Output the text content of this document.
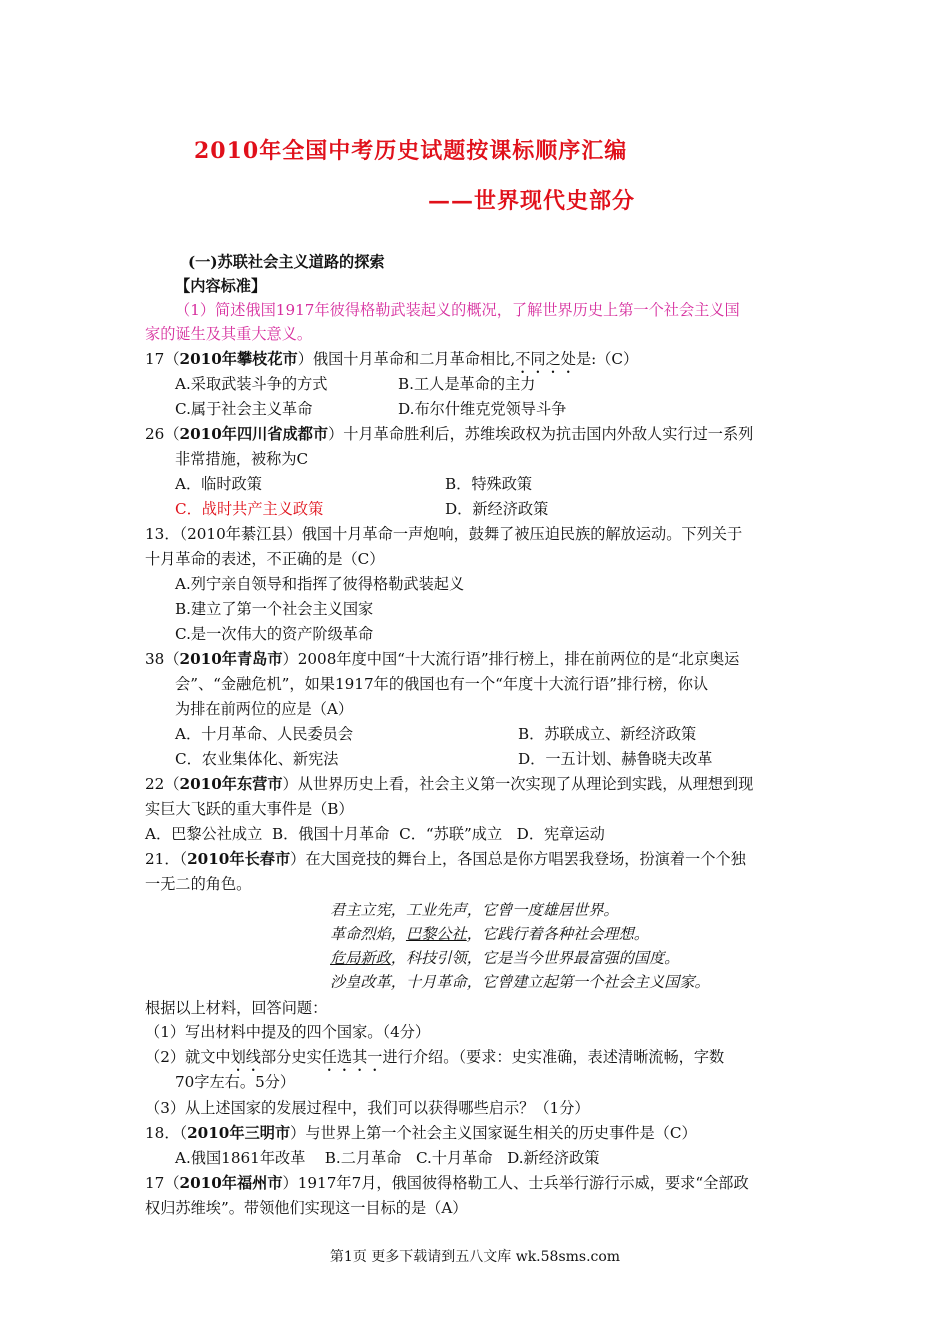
2010年全国中考历史试题按课标顺序汇编
——世界现代史部分
(一)苏联社会主义道路的探索
【内容标准】
（1）简述俄国1917年彼得格勒武装起义的概况，了解世界历史上第一个社会主义国
家的诞生及其重大意义。
17（2010年攀枝花市）俄国十月革命和二月革命相比,不同之处是:（C）
A.采取武装斗争的方式	B.工人是革命的主力
C.属于社会主义革命	D.布尔什维克党领导斗争
26（2010年四川省成都市）十月革命胜利后，苏维埃政权为抗击国内外敌人实行过一系列
非常措施，被称为C
A．临时政策	B．特殊政策
C．战时共产主义政策	D．新经济政策
13．（2010年綦江县）俄国十月革命一声炮响，鼓舞了被压迫民族的解放运动。下列关于
十月革命的表述，不正确的是（C）
A.列宁亲自领导和指挥了彼得格勒武装起义
B.建立了第一个社会主义国家
C.是一次伟大的资产阶级革命
38（2010年青岛市）2008年度中国“十大流行语”排行榜上，排在前两位的是“北京奥运
会”、“金融危机”，如果1917年的俄国也有一个“年度十大流行语”排行榜，你认
为排在前两位的应是（A）
A．十月革命、人民委员会	B．苏联成立、新经济政策
C．农业集体化、新宪法	D．一五计划、赫鲁晓夫改革
22（2010年东营市）从世界历史上看，社会主义第一次实现了从理论到实践，从理想到现
实巨大飞跃的重大事件是（B）
A．巴黎公社成立 B．俄国十月革命 C．“苏联”成立 D．宪章运动
21．（2010年长春市）在大国竞技的舞台上，各国总是你方唱罢我登场，扮演着一个个独
一无二的角色。
君主立宪，工业先声，它曾一度雄居世界。
革命烈焰，巴黎公社，它践行着各种社会理想。
危局新政，科技引领，它是当今世界最富强的国度。
沙皇改革，十月革命，它曾建立起第一个社会主义国家。
根据以上材料，回答问题：
（1）写出材料中提及的四个国家。（4分）
（2）就文中划线部分史实任选其一进行介绍。（要求：史实准确，表述清晰流畅，字数
70字左右。5分）
（3）从上述国家的发展过程中，我们可以获得哪些启示？（1分）
18．（2010年三明市）与世界上第一个社会主义国家诞生相关的历史事件是（C）
A.俄国1861年改革 B.二月革命 C.十月革命 D.新经济政策
17（2010年福州市）1917年7月，俄国彼得格勒工人、士兵举行游行示威，要求“全部政
权归苏维埃”。带领他们实现这一目标的是（A）
第1页 更多下载请到五八文库 wk.58sms.com
